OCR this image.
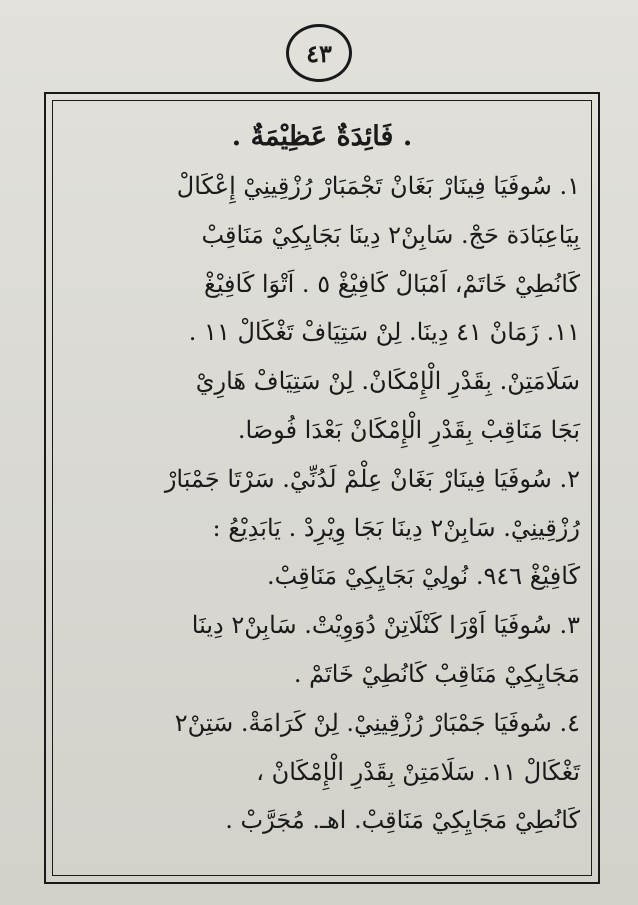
٤٣
. فَائِدَةٌ عَظِيْمَةٌ .
١. سُوفَيَا فِينَارْ بَغَانْ تَجْمَبَارْ رُزْقِينِيْ إِعْكَالْ
بِيَاعِبَادَة حَجْ. سَابِنْ٢ دِينَا بَجَايِكِيْ مَنَاقِبْ
كَانُطِيْ خَاتَمْ، اَمْبَالْ كَافِيْغْ ٥ . اَتْوَا كَافِيْغْ
١١. زَمَانْ ٤١ دِينَا. لِنْ سَتِيَافْ تَغْكَالْ ١١ .
سَلَامَتِنْ. بِقَدْرِ الْإِمْكَانْ. لِنْ سَتِيَافْ هَارِيْ
بَجَا مَنَاقِبْ بِقَدْرِ الْإِمْكَانْ بَعْدَا فُوصَا.
٢. سُوفَيَا فِينَارْ بَغَانْ عِلْمْ لَدُنِّيْ. سَرْتَا جَمْبَارْ
رُزْقِينِيْ. سَابِنْ٢ دِينَا بَجَا وِيْرِدْ . يَابَدِيْعُ :
كَافِيْغْ ٩٤٦. نُولِيْ بَجَايِكِيْ مَنَاقِبْ.
٣. سُوفَيَا اَوْرَا كَنْلَاتِنْ دُوَوِيْتْ. سَابِنْ٢ دِينَا
مَجَايِكِيْ مَنَاقِبْ كَانُطِيْ خَاتَمْ .
٤. سُوفَيَا جَمْبَارْ رُزْقِينِيْ. لِنْ كَرَامَةْ. سَتِنْ٢
تَغْكَالْ ١١. سَلَامَتِنْ بِقَدْرِ الْإِمْكَانْ ،
كَانُطِيْ مَجَايِكِيْ مَنَاقِبْ. اهـ. مُجَرَّبْ .
